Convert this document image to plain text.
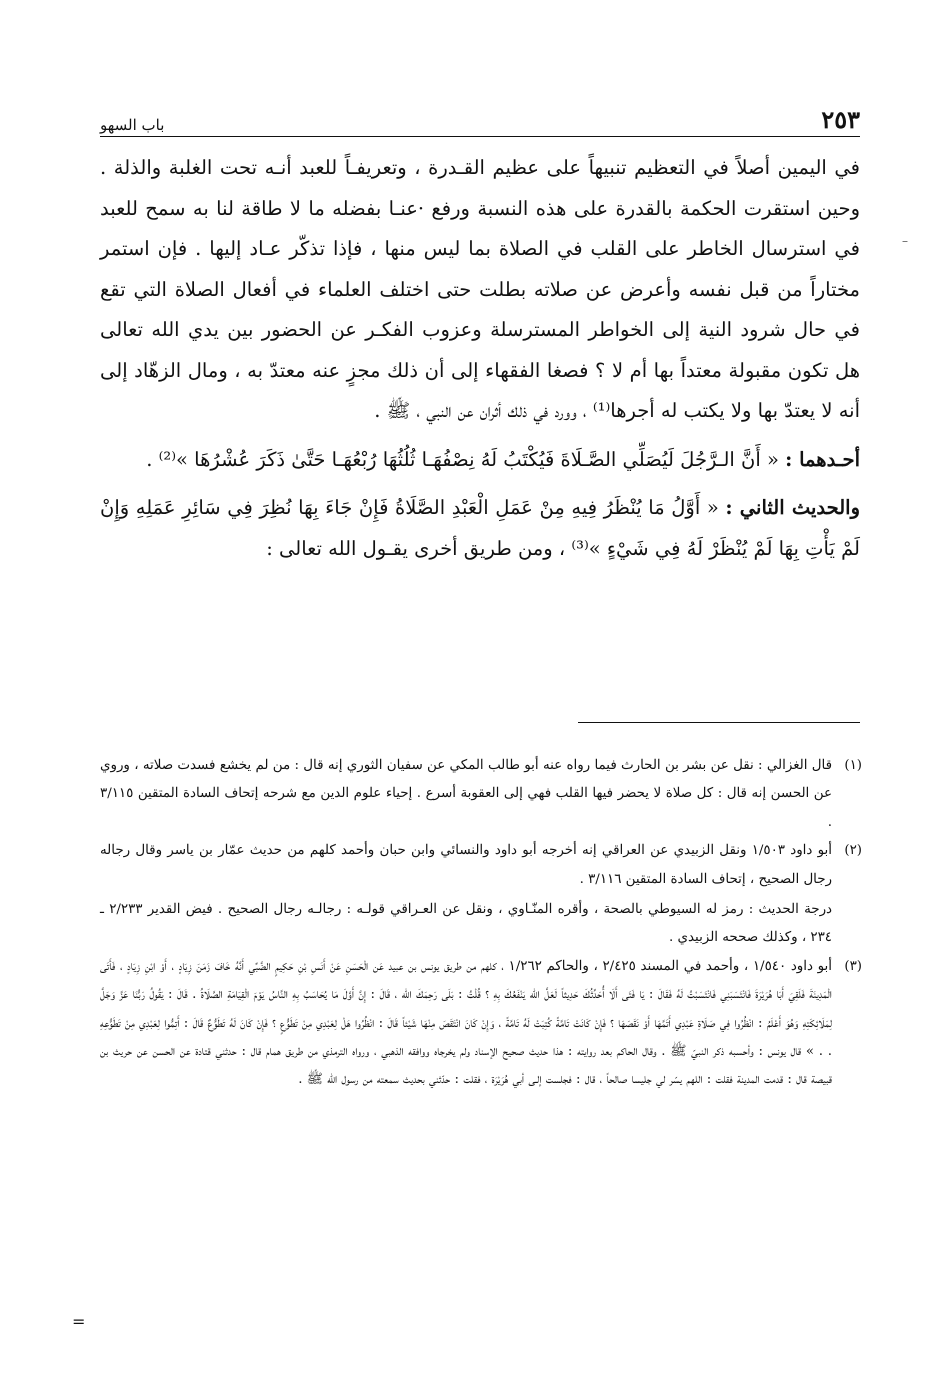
٢٥٣
باب السهو

في اليمين أصلاً في التعظيم تنبيهاً على عظيم القـدرة ، وتعريفـاً للعبد أنـه تحت الغلبة والذلة . وحين استقرت الحكمة بالقدرة على هذه النسبة ورفع ·عنـا بفضله ما لا طاقة لنا به سمح للعبد في استرسال الخاطر على القلب في الصلاة بما ليس منها ، فإذا تذكّر عـاد إليها . فإن استمر مختاراً من قبل نفسه وأعرض عن صلاته بطلت حتى اختلف العلماء في أفعال الصلاة التي تقع في حال شرود النية إلى الخواطر المسترسلة وعزوب الفكـر عن الحضور بين يدي الله تعالى هل تكون مقبولة معتداً بها أم لا ؟ فصغا الفقهاء إلى أن ذلك مجزٍ عنه معتدّ به ، ومال الزهّاد إلى أنه لا يعتدّ بها ولا يكتب له أجرها⁽¹⁾ ، وورد في ذلك أثران عن النبي ، ﷺ .

أحـدهما : « أَنَّ الـرَّجُلَ لَيُصَلِّي الصَّـلَاةَ فَيُكْتَبُ لَهُ نِصْفُهَـا ثُلُثُهَا رُبْعُهَـا حَتَّىٰ ذَكَرَ عُشْرُهَا »⁽²⁾ .

والحديث الثاني : « أَوَّلُ مَا يُنْظَرُ فِيهِ مِنْ عَمَلِ الْعَبْدِ الصَّلَاةُ فَإِنْ جَاءَ بِهَا نُظِرَ فِي سَائِرِ عَمَلِهِ وَإِنْ لَمْ يَأْتِ بِهَا لَمْ يُنْظَرْ لَهُ فِي شَيْءٍ »⁽³⁾ ، ومن طريق أخرى يقـول الله تعالى :

(١)
قال الغزالي : نقل عن بشر بن الحارث فيما رواه عنه أبو طالب المكي عن سفيان الثوري إنه قال : من لم يخشع فسدت صلاته ، وروي عن الحسن إنه قال : كل صلاة لا يحضر فيها القلب فهي إلى العقوبة أسرع . إحياء علوم الدين مع شرحه إتحاف السادة المتقين ٣/١١٥ .
(٢)
أبو داود ١/٥٠٣ ونقل الزبيدي عن العراقي إنه أخرجه أبو داود والنسائي وابن حبان وأحمد كلهم من حديث عمّار بن ياسر وقال رجاله رجال الصحيح ، إتحاف السادة المتقين ٣/١١٦ .

درجة الحديث : رمز له السيوطي بالصحة ، وأقره المنّـاوي ، ونقل عن العـراقي قولـه : رجالـه رجال الصحيح . فيض القدير ٢/٢٣٣ ـ ٢٣٤ ، وكذلك صححه الزبيدي .

(٣)
أبو داود ١/٥٤٠ ، وأحمد في المسند ٢/٤٢٥ ، والحاكم ١/٢٦٢ ، كلهم من طريق يونس بن عبيد عَن الْحَسَنِ عَنْ أَنَسِ بْنِ حَكِيمٍ الضَّبِّي أَنَّهُ خَافَ زَمَنَ زِيَادٍ ، أَوْ ابْنِ زِيَادٍ ، فَأَتَى الْمَدِينَةَ فَلَقِيَ أَبَا هُرَيْرَةَ فَانْتَسَبَنِي فَانْتَسَبْتُ لَهُ فَقَالَ : يَا فَتَى أَلَا أُحَدِّثُكَ حَدِيثاً لَعَلَّ الله يَنْفَعُكَ بِهِ ؟ قُلْتُ : بَلَى رَحِمَكَ الله ، قَالَ : إِنَّ أَوَّلَ مَا يُحَاسَبُ بِهِ النَّاسُ يَوْمَ الْقِيَامَةِ الصَّلَاةُ . قَالَ : يَقُولُ رَبُّنَا عَزَّ وَجَلَّ لِمَلَائِكَتِهِ وَهُوَ أَعْلَمُ : انْظُرُوا فِي صَلَاةِ عَبْدِي أَتَمَّهَا أَوْ نَقَصَهَا ؟ فَإِنْ كَانَتْ تَامَّةً كُتِبَتْ لَهُ تَامَّةً ، وَإِنْ كَانَ انْتَقَصَ مِنْهَا شَيْئاً قَالَ : انْظُرُوا هَلْ لِعَبْدِي مِنْ تَطَوُّعٍ ؟ فَإِنْ كَانَ لَهُ تَطَوُّعٌ قَالَ : أَتِمُّوا لِعَبْدِي مِنْ تَطَوُّعِهِ . . » قال يونس : وأحسبه ذكر النبيّ ﷺ . وقال الحاكم بعد روايته : هذا حديث صحيح الإسناد ولم يخرجاه ووافقه الذهبي ، ورواه الترمذي من طريق همام قال : حدثني قتادة عن الحسن عن حريث بن قبيصة قال : قدمت المدينة فقلت : اللهم يسّر لي جليسا صالحاً ، قال : فجلست إلـى أبي هُرَيْرَة ، فقلت : حدّثني بحديث سمعته من رسول الله ﷺ .
=
–
